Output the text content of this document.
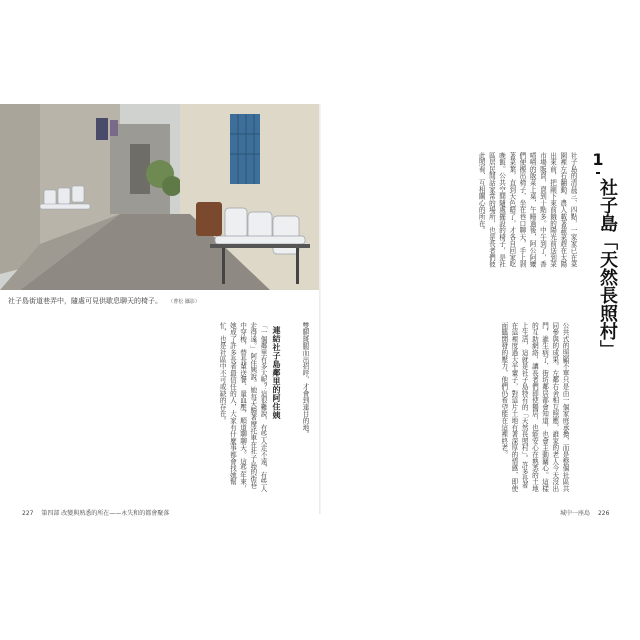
社子島街道巷弄中，隨處可見供歇息聊天的椅子。 （曹松 攝影）
1
社子島「天然長照村」
社子島的清晨三、四點，一家家已在菜園裡左右翻動，農人載著蔬菜趕在太陽出來前，把剛下來前餓的陽光前送到菜市場販賣，賣到十點多。中午到了，香噴噴的飯菜上桌，午睡過後，阿公阿嬤們便搬出椅子，坐在巷口聊天，手上剝著菜葉，直到天色暗了，才各自回家吃晚飯。公共空間隨處擺設的椅子，是社區居民閒話家常的場所，也是長者們彼此照看、互相關心的所在。
公共式的照顧不單只是由一個家庭承擔，而是整個社區共同參與的成果。左鄰右舍相互照應，誰家的老人今天沒出門，誰生病了，街坊鄰居都會知道，也會主動關心。這樣的互助網絡，讓長者們即使獨居，也能安心在熟悉的土地上生活，這就是社子島特有的「天然長照村」。許多長者在這裡度過大半輩子，對這片土地有著深厚的情感，即使面臨開發的壓力，他們仍希望能在這裡終老。
「一個鄰里有多大呢？這很難說，有些人走不遠，有些人走得遠。」阿住姨說。她每天騎著摩托車在社子島的街巷中穿梭，替長輩送餐、量血壓，順道聊聊天。這些年來，她成了許多長者最信任的人，大家有什麼事都會找她幫忙，也是社區中不可或缺的存在。	雙腿斑腿而出招呼，才會到達目的地。
連結社子島鄰里的阿住姨
227 第四部 改變與熟悉的所在——永失和的都會聚落	城中一座島 226
